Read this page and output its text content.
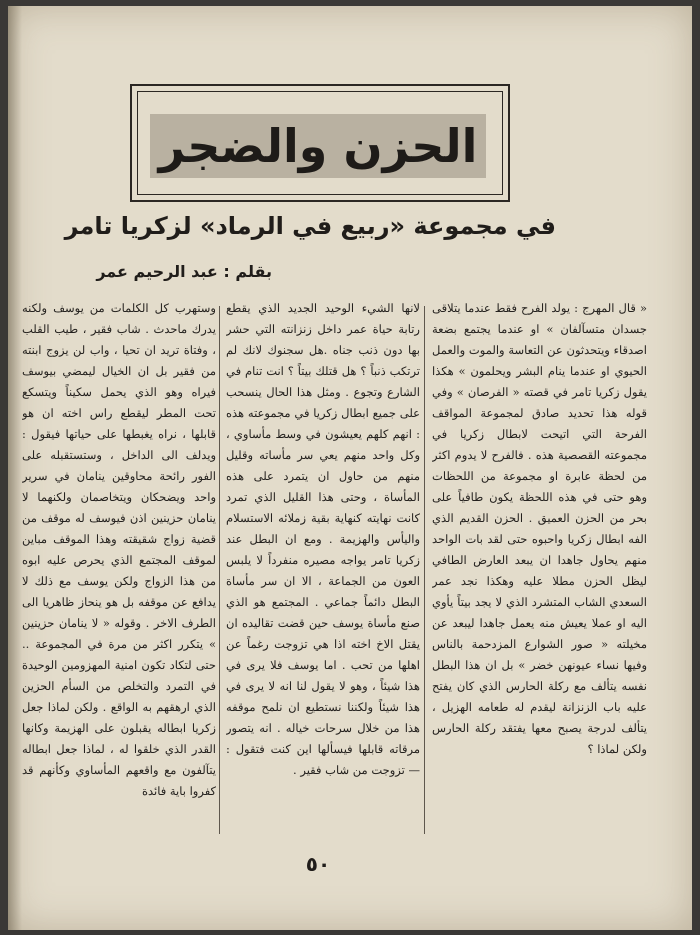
الحزن والضجر
في مجموعة «ربيع في الرماد» لزكريا تامر
بقلم : عبد الرحيم عمر
« قال المهرج : يولد الفرح فقط عندما يتلاقى جسدان متسآلفان » او عندما يجتمع بضعة اصدقاء ويتحدثون عن التعاسة والموت والعمل الحيوي او عندما ينام البشر ويحلمون » هكذا يقول زكريا تامر في قصته « الفرصان » وفي قوله هذا تحديد صادق لمجموعة المواقف الفرحة التي اتيحت لابطال زكريا في مجموعته القصصية هذه . فالفرح لا يدوم اكثر من لحظة عابرة او مجموعة من اللحظات وهو حتى في هذه اللحظة يكون طافياً على بحر من الحزن العميق . الحزن القديم الذي الفه ابطال زكريا واحبوه حتى لقد بات الواحد منهم يحاول جاهدا ان يبعد العارض الطافي ليظل الحزن مطلا عليه وهكذا نجد عمر السعدي الشاب المتشرد الذي لا يجد بيتاً يأوي اليه او عملا يعيش منه يعمل جاهدا ليبعد عن مخيلته « صور الشوارع المزدحمة بالناس وفيها نساء عيونهن خضر » بل ان هذا البطل نفسه يتألف مع ركلة الحارس الذي كان يفتح عليه باب الزنزانة ليقدم له طعامه الهزيل ، يتألف لدرجة يصبح معها يفتقد ركلة الحارس ولكن لماذا ؟
لانها الشيء الوحيد الجديد الذي يقطع رتابة حياة عمر داخل زنزانته التي حشر بها دون ذنب جناه .هل سجنوك لانك لم ترتكب ذنباً ؟ هل قتلك بيتاً ؟ انت تنام في الشارع وتجوع . ومثل هذا الحال ينسحب على جميع ابطال زكريا في مجموعته هذه : انهم كلهم يعيشون في وسط مأساوي ، وكل واحد منهم يعي سر مأساته وقليل منهم من حاول ان يتمرد على هذه المأساة ، وحتى هذا القليل الذي تمرد كانت نهايته كنهاية بقية زملائه الاستسلام واليأس والهزيمة . ومع ان البطل عند زكريا تامر يواجه مصيره منفرداً لا يلبس العون من الجماعة ، الا ان سر مأساة البطل دائماً جماعي . المجتمع هو الذي صنع مأساة يوسف حين قضت تقاليده ان يقتل الاخ اخته اذا هي تزوجت رغماً عن اهلها من تحب . اما يوسف فلا يرى في هذا شيئاً ، وهو لا يقول لنا انه لا يرى في هذا شيئاً ولكننا نستطيع ان نلمح موقفه هذا من خلال سرحات خياله . انه يتصور مرقاته قابلها فيسألها اين كنت فتقول : — تزوجت من شاب فقير .
وستهرب كل الكلمات من يوسف ولكنه يدرك ماحدث . شاب فقير ، طيب القلب ، وفتاة تريد ان تحيا ، واب لن يزوج ابنته من فقير بل ان الخيال ليمضي بيوسف فيراه وهو الذي يحمل سكيناً ويتسكع تحت المطر ليقطع راس اخته ان هو قابلها ، نراه يغبطها على حياتها فيقول : ويدلف الى الداخل ، وستستقبله على الفور رائحة محاوقين ينامان في سرير واحد ويضحكان ويتخاصمان ولكنهما لا ينامان حزينين اذن فيوسف له موقف من قضية زواج شقيقته وهذا الموقف مباين لموقف المجتمع الذي يحرص عليه ابوه من هذا الزواج ولكن يوسف مع ذلك لا يدافع عن موقفه بل هو ينحاز ظاهريا الى الطرف الاخر . وقوله « لا ينامان حزينين » يتكرر اكثر من مرة في المجموعة .. حتى لتكاد تكون امنية المهزومين الوحيدة في التمرد والتخلص من السأم الحزين الذي ارهقهم به الواقع . ولكن لماذا جعل زكريا ابطاله يقبلون على الهزيمة وكانها القدر الذي خلقوا له ، لماذا جعل ابطاله يتآلفون مع واقعهم المأساوي وكأنهم قد كفروا باية فائدة
٥٠
